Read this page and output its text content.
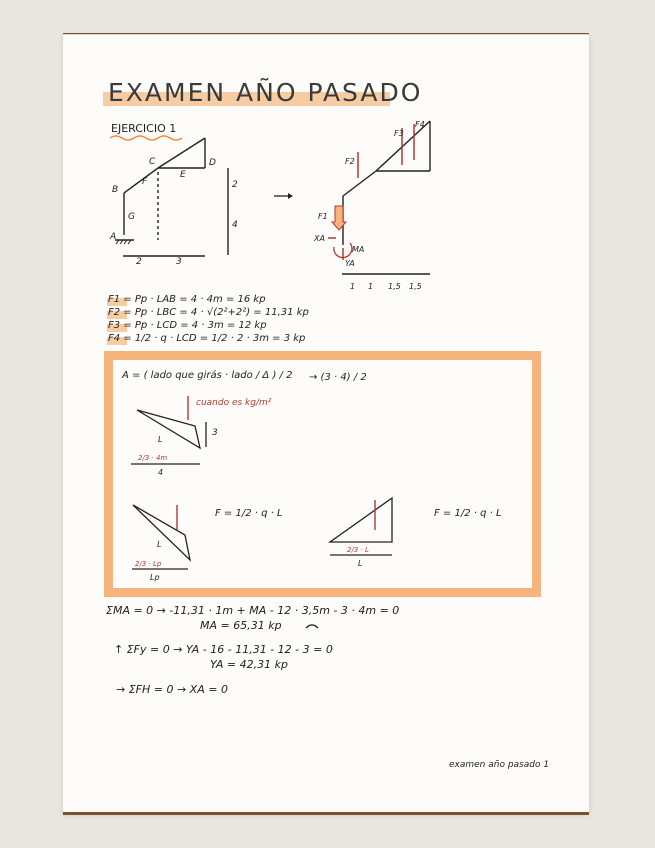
EXAMEN AÑO PASADO

EJERCICIO 1

C	D

E

F

B

G

A

2	3

2

4

F2

F3

F4

F1

XA

YA

MA

1 1 1,5 1,5

F1 = Pp · LAB = 4 · 4m = 16 kp

F2 = Pp · LBC = 4 · √(2²+2²) = 11,31 kp

F3 = Pp · LCD = 4 · 3m = 12 kp

F4 = 1/2 · q · LCD = 1/2 · 2 · 3m = 3 kp

A = ( lado que girás · lado / Δ ) / 2 → (3 · 4) / 2

cuando es kg/m²

3

L

2/3 · 4m

4

L

2/3 · Lp

Lp

F = 1/2 · q · L

2/3 · L

L

F = 1/2 · q · L

ΣMA = 0 → -11,31 · 1m + MA - 12 · 3,5m - 3 · 4m = 0

MA = 65,31 kp

↑ ΣFy = 0 → YA - 16 - 11,31 - 12 - 3 = 0

YA = 42,31 kp

→ ΣFH = 0 → XA = 0

examen año pasado 1
